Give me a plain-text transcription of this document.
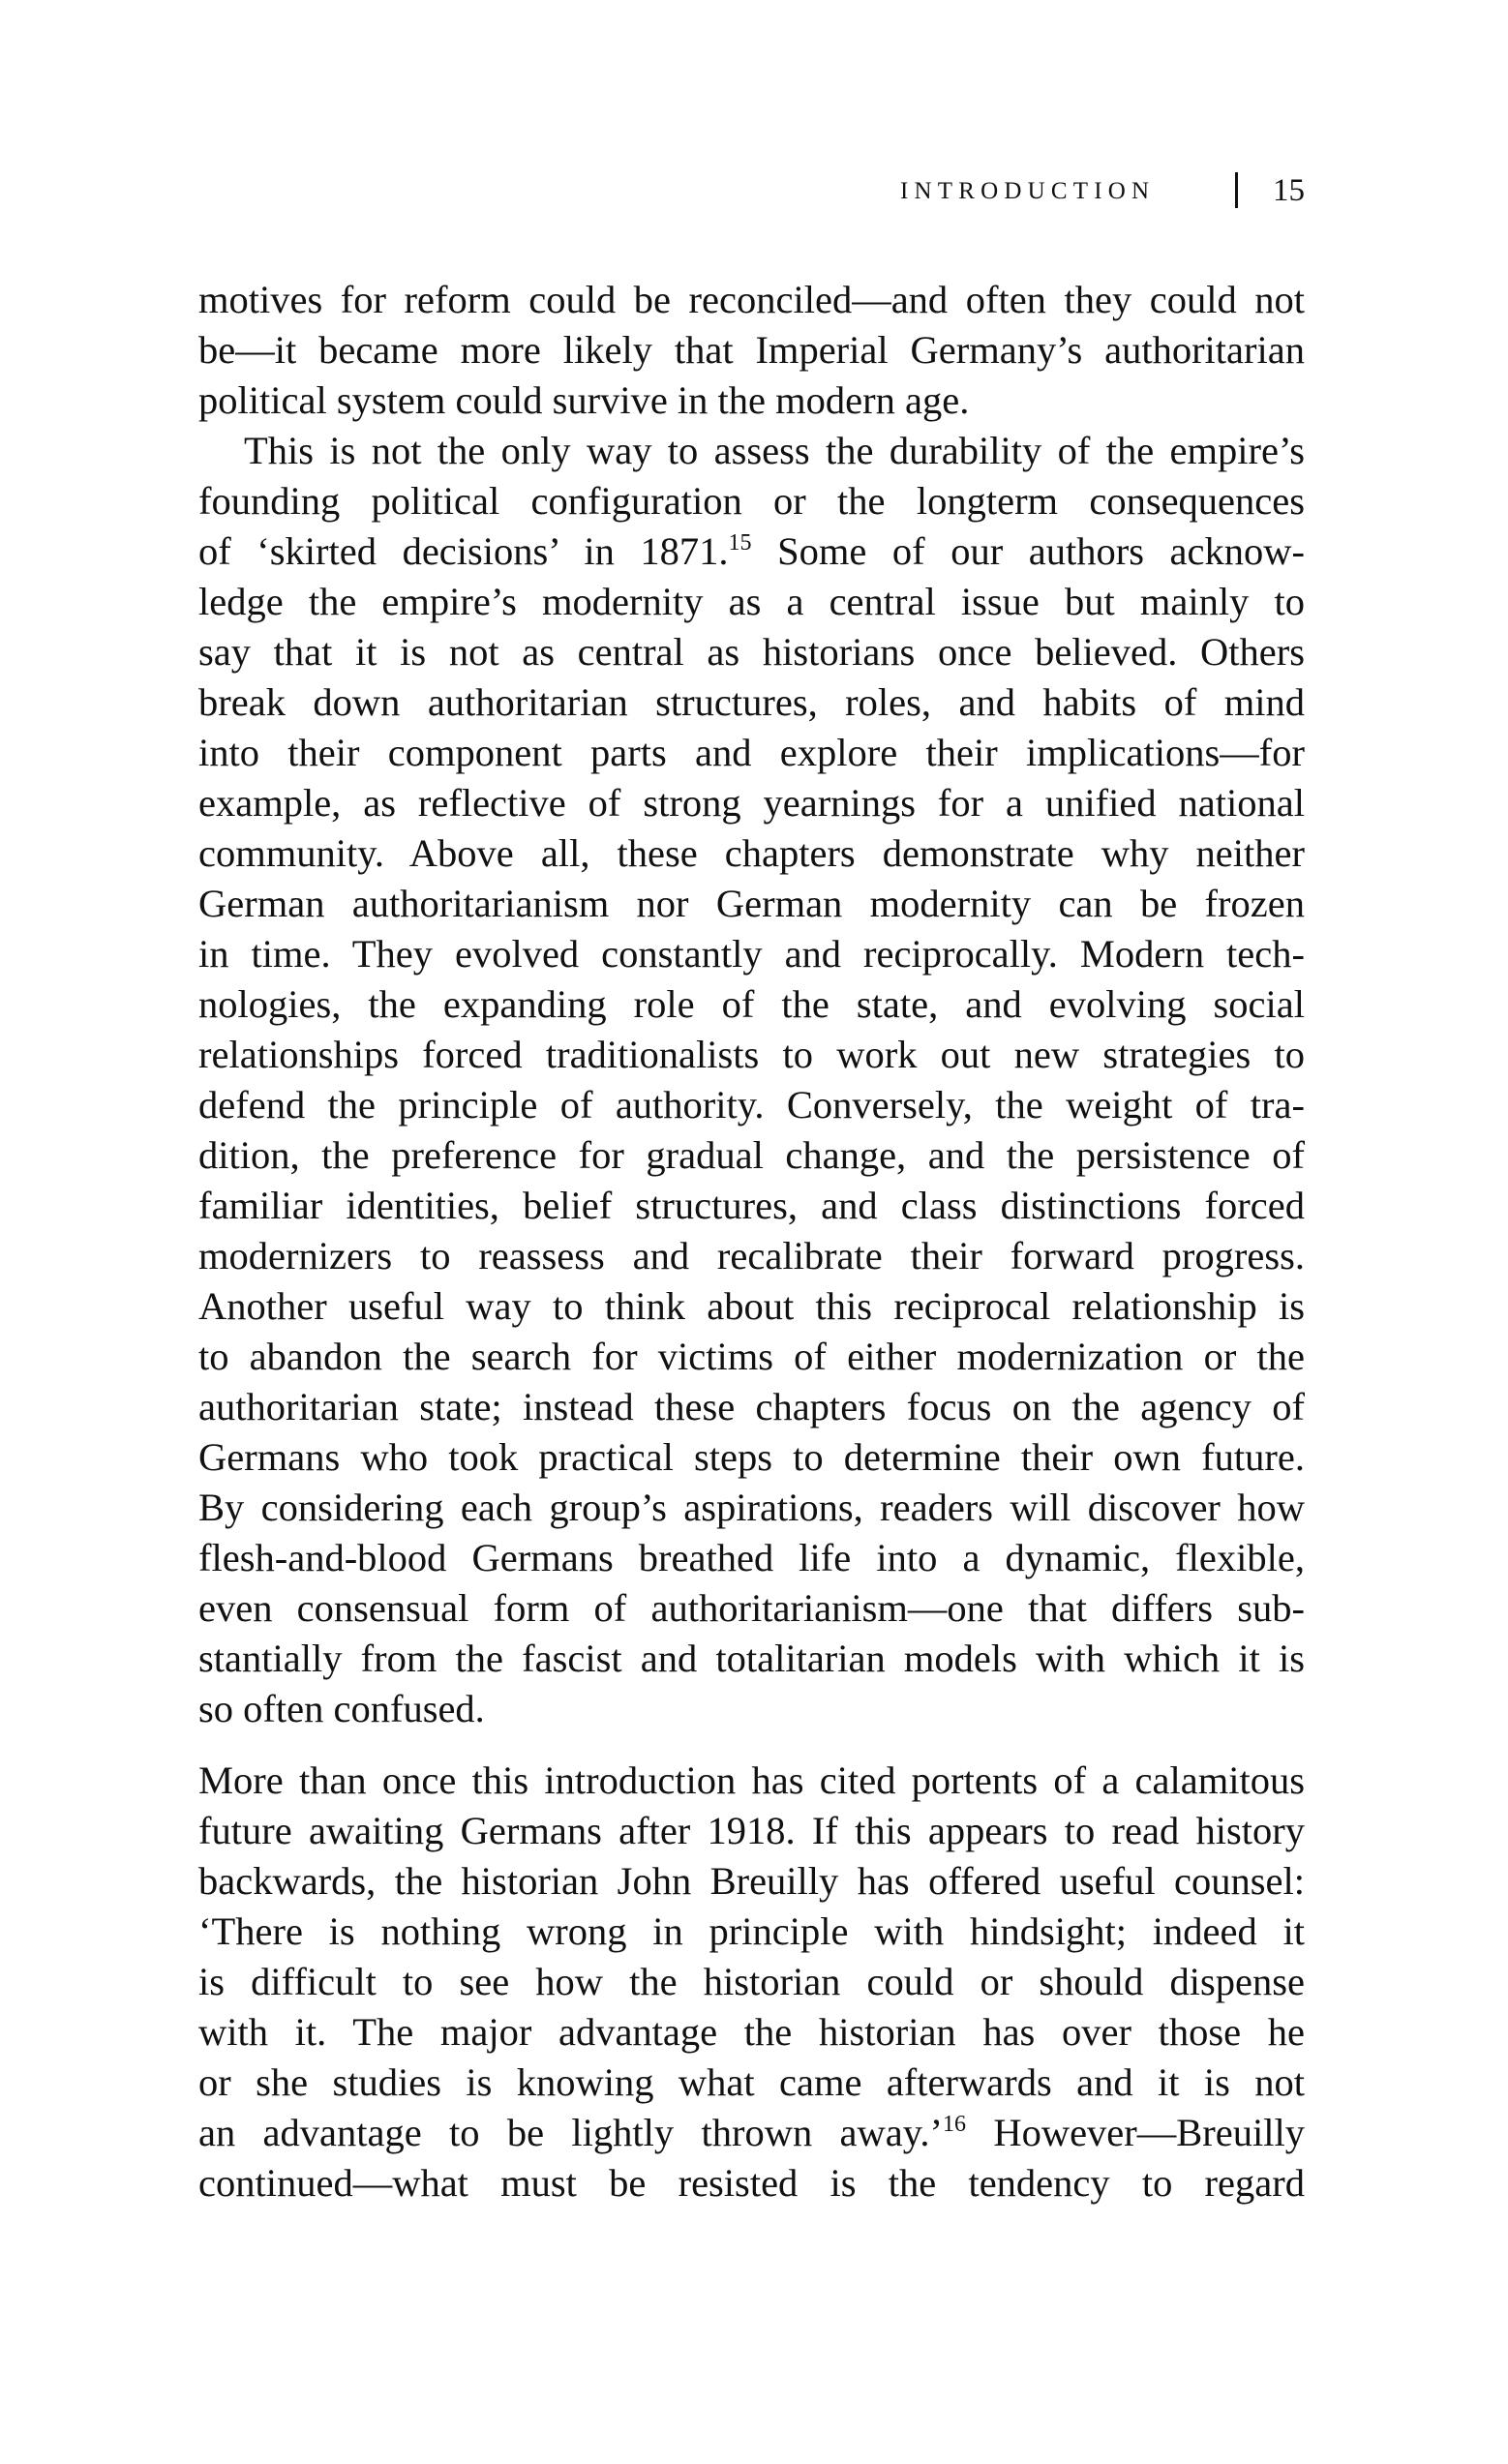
INTRODUCTION	15
motives for reform could be reconciled—and often they could not
be—it became more likely that Imperial Germany’s authoritarian
political system could survive in the modern age.
This is not the only way to assess the durability of the empire’s
founding political configuration or the longterm consequences
of ‘skirted decisions’ in 1871.15 Some of our authors acknow-
ledge the empire’s modernity as a central issue but mainly to
say that it is not as central as historians once believed. Others
break down authoritarian structures, roles, and habits of mind
into their component parts and explore their implications—for
example, as reflective of strong yearnings for a unified national
community. Above all, these chapters demonstrate why neither
German authoritarianism nor German modernity can be frozen
in time. They evolved constantly and reciprocally. Modern tech-
nologies, the expanding role of the state, and evolving social
relationships forced traditionalists to work out new strategies to
defend the principle of authority. Conversely, the weight of tra-
dition, the preference for gradual change, and the persistence of
familiar identities, belief structures, and class distinctions forced
modernizers to reassess and recalibrate their forward progress.
Another useful way to think about this reciprocal relationship is
to abandon the search for victims of either modernization or the
authoritarian state; instead these chapters focus on the agency of
Germans who took practical steps to determine their own future.
By considering each group’s aspirations, readers will discover how
flesh-and-blood Germans breathed life into a dynamic, flexible,
even consensual form of authoritarianism—one that differs sub-
stantially from the fascist and totalitarian models with which it is
so often confused.
More than once this introduction has cited portents of a calamitous
future awaiting Germans after 1918. If this appears to read history
backwards, the historian John Breuilly has offered useful counsel:
‘There is nothing wrong in principle with hindsight; indeed it
is difficult to see how the historian could or should dispense
with it. The major advantage the historian has over those he
or she studies is knowing what came afterwards and it is not
an advantage to be lightly thrown away.’$^{16}$ However—Breuilly
continued—what must be resisted is the tendency to regard
